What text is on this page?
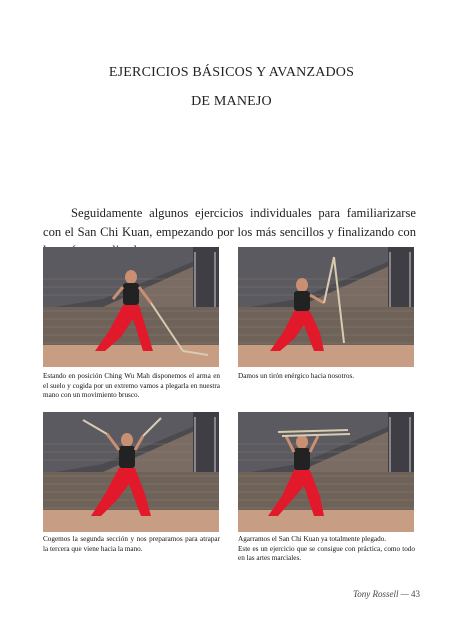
EJERCICIOS BÁSICOS Y AVANZADOS
DE MANEJO
Seguidamente algunos ejercicios individuales para familiarizarse con el San Chi Kuan, empezando por los más sencillos y finalizando con
Estando en posición Ching Wu Mah disponemos el arma en el suelo y cogida por un extremo vamos a plegarla en nuestra mano con un movimiento brusco.
Damos un tirón enérgico hacia nosotros.
Cogemos la segunda sección y nos preparamos para atrapar la tercera que viene hacia la mano.
Agarramos el San Chi Kuan ya totalmente plegado.
Este es un ejercicio que se consigue con práctica, como todo en las artes marciales.
Tony Rossell — 43
